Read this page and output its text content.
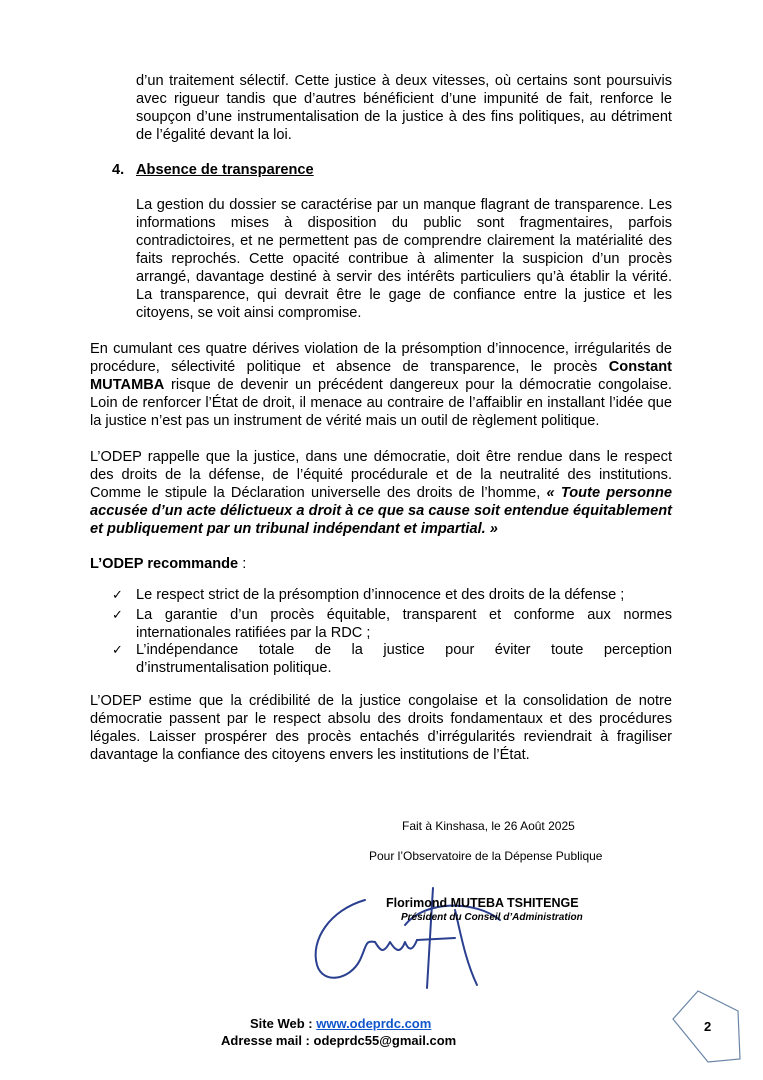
d’un traitement sélectif. Cette justice à deux vitesses, où certains sont poursuivis avec rigueur tandis que d’autres bénéficient d’une impunité de fait, renforce le soupçon d’une instrumentalisation de la justice à des fins politiques, au détriment de l’égalité devant la loi.

4. Absence de transparence

La gestion du dossier se caractérise par un manque flagrant de transparence. Les informations mises à disposition du public sont fragmentaires, parfois contradictoires, et ne permettent pas de comprendre clairement la matérialité des faits reprochés. Cette opacité contribue à alimenter la suspicion d’un procès arrangé, davantage destiné à servir des intérêts particuliers qu’à établir la vérité. La transparence, qui devrait être le gage de confiance entre la justice et les citoyens, se voit ainsi compromise.

En cumulant ces quatre dérives violation de la présomption d’innocence, irrégularités de procédure, sélectivité politique et absence de transparence, le procès Constant MUTAMBA risque de devenir un précédent dangereux pour la démocratie congolaise. Loin de renforcer l’État de droit, il menace au contraire de l’affaiblir en installant l’idée que la justice n’est pas un instrument de vérité mais un outil de règlement politique.

L’ODEP rappelle que la justice, dans une démocratie, doit être rendue dans le respect des droits de la défense, de l’équité procédurale et de la neutralité des institutions. Comme le stipule la Déclaration universelle des droits de l’homme, « Toute personne accusée d’un acte délictueux a droit à ce que sa cause soit entendue équitablement et publiquement par un tribunal indépendant et impartial. »

L’ODEP recommande :

✓ Le respect strict de la présomption d’innocence et des droits de la défense ;

✓ La garantie d’un procès équitable, transparent et conforme aux normes internationales ratifiées par la RDC ;

✓ L’indépendance totale de la justice pour éviter toute perception d’instrumentalisation politique.

L’ODEP estime que la crédibilité de la justice congolaise et la consolidation de notre démocratie passent par le respect absolu des droits fondamentaux et des procédures légales. Laisser prospérer des procès entachés d’irrégularités reviendrait à fragiliser davantage la confiance des citoyens envers les institutions de l’État.

Fait à Kinshasa, le 26 Août 2025
Pour l’Observatoire de la Dépense Publique
Florimond MUTEBA TSHITENGE
Président du Conseil d’Administration
Site Web : www.odeprdc.com
Adresse mail : odeprdc55@gmail.com
2
